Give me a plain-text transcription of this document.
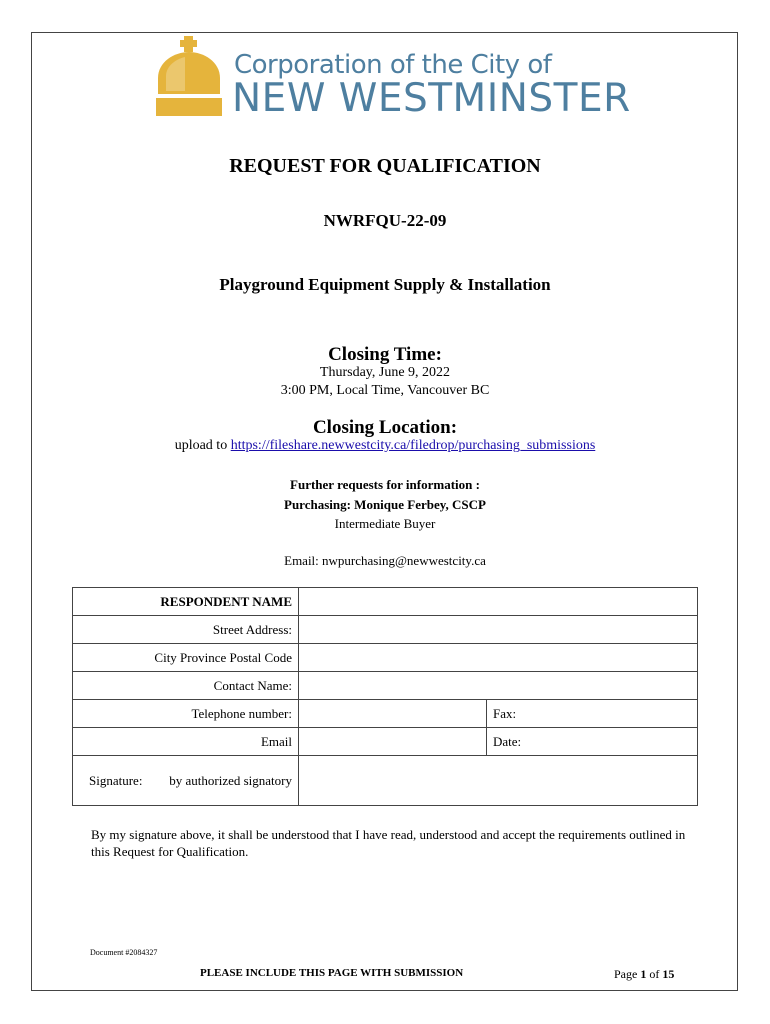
Corporation of the City of
NEW WESTMINSTER
REQUEST FOR QUALIFICATION
NWRFQU-22-09
Playground Equipment Supply & Installation
Closing Time:
Thursday, June 9, 2022
3:00 PM, Local Time, Vancouver BC
Closing Location:
upload to https://fileshare.newwestcity.ca/filedrop/purchasing_submissions
Further requests for information :
Purchasing: Monique Ferbey, CSCP
Intermediate Buyer
Email: nwpurchasing@newwestcity.ca
RESPONDENT NAME		
Street Address:		
City Province Postal Code		
Contact Name:		
Telephone number:		Fax:
Email		Date:

Signature: by authorized signatory		

By my signature above, it shall be understood that I have read, understood and accept the requirements outlined in this Request for Qualification.
Document #2084327
PLEASE INCLUDE THIS PAGE WITH SUBMISSION	Page 1 of 15
